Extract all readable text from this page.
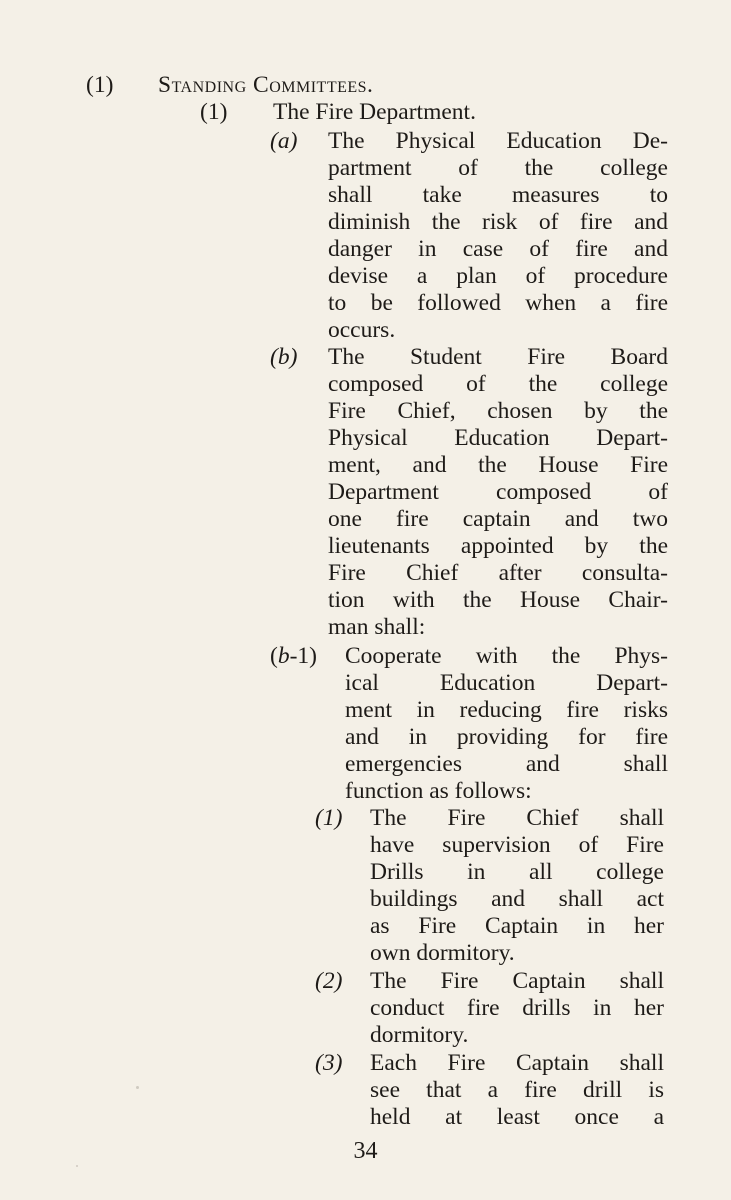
(1) Standing Committees.
(1) The Fire Department.
(a) The Physical Education De-
partment of the college
shall take measures to
diminish the risk of fire and
danger in case of fire and
devise a plan of procedure
to be followed when a fire
occurs.
(b) The Student Fire Board
composed of the college
Fire Chief, chosen by the
Physical Education Depart-
ment, and the House Fire
Department composed of
one fire captain and two
lieutenants appointed by the
Fire Chief after consulta-
tion with the House Chair-
man shall:
(b-1) Cooperate with the Phys-
ical Education Depart-
ment in reducing fire risks
and in providing for fire
emergencies and shall
function as follows:
(1) The Fire Chief shall
have supervision of Fire
Drills in all college
buildings and shall act
as Fire Captain in her
own dormitory.
(2) The Fire Captain shall
conduct fire drills in her
dormitory.
(3) Each Fire Captain shall
see that a fire drill is
held at least once a
34
